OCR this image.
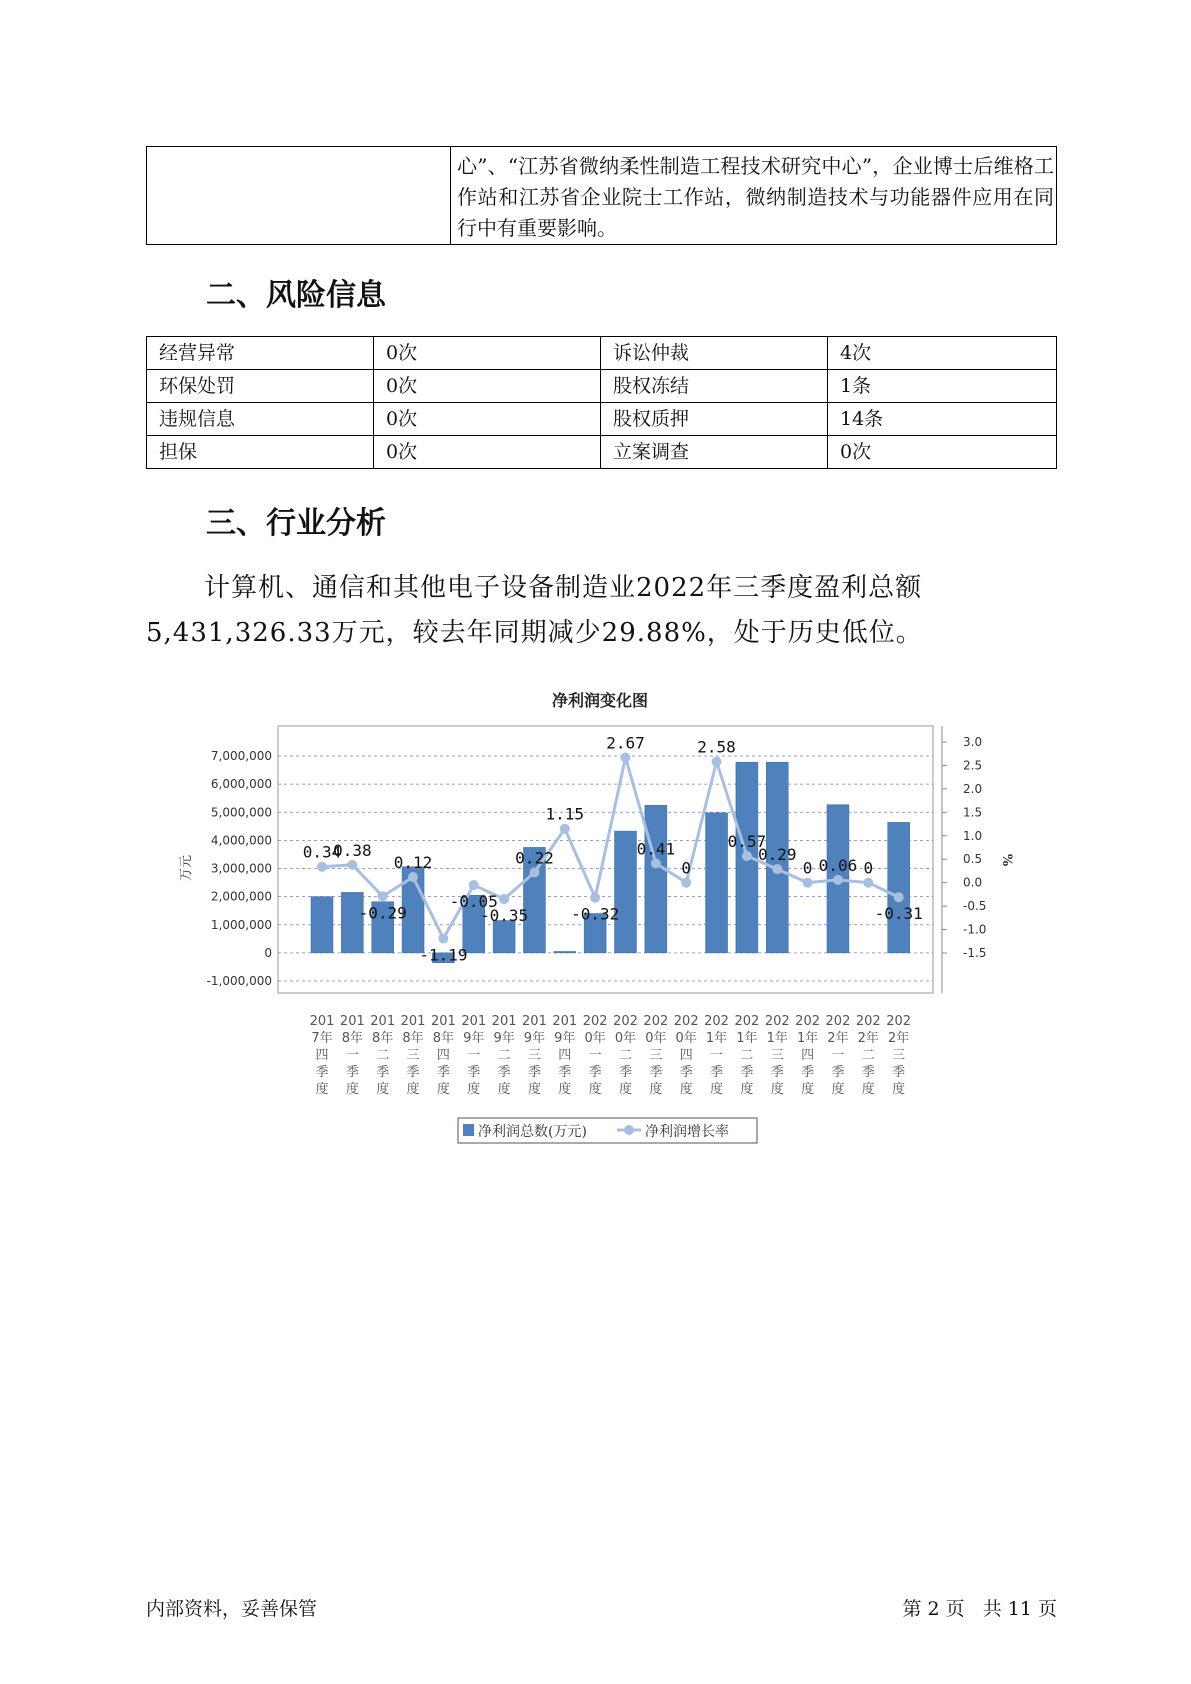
	心”、“江苏省微纳柔性制造工程技术研究中心”，企业博士后维格工作站和江苏省企业院士工作站，微纳制造技术与功能器件应用在同行中有重要影响。
二、风险信息
经营异常	0次	诉讼仲裁	4次
环保处罚	0次	股权冻结	1条
违规信息	0次	股权质押	14条
担保	0次	立案调查	0次
三、行业分析

计算机、通信和其他电子设备制造业2022年三季度盈利总额5,431,326.33万元，较去年同期减少29.88%，处于历史低位。

净利润变化图
-1,000,000
0
1,000,000
2,000,000
3,000,000
4,000,000
5,000,000
6,000,000
7,000,000
-1.5
-1.0
-0.5
0.0
0.5
1.0
1.5
2.0
2.5
3.0
万元	%
0.34
0.38
-0.29
0.12
-1.19
-0.05
-0.35
0.22
1.15
-0.32
2.67
0.41
0
2.58
0.57
0.29
0 0.06 0
-0.31
201
7年
四
季
度
201
8年
一
季
度
201
8年
二
季
度
201
8年
三
季
度
201
8年
四
季
度
201
9年
一
季
度
201
9年
二
季
度
201
9年
三
季
度
201
9年
四
季
度
202
0年
一
季
度
202
0年
二
季
度
202
0年
三
季
度
202
0年
四
季
度
202
1年
一
季
度
202
1年
二
季
度
202
1年
三
季
度
202
1年
四
季
度
202
2年
一
季
度
202
2年
二
季
度
202
2年
三
季
度
净利润总数(万元)	净利润增长率
内部资料，妥善保管	第 2 页   共 11 页
